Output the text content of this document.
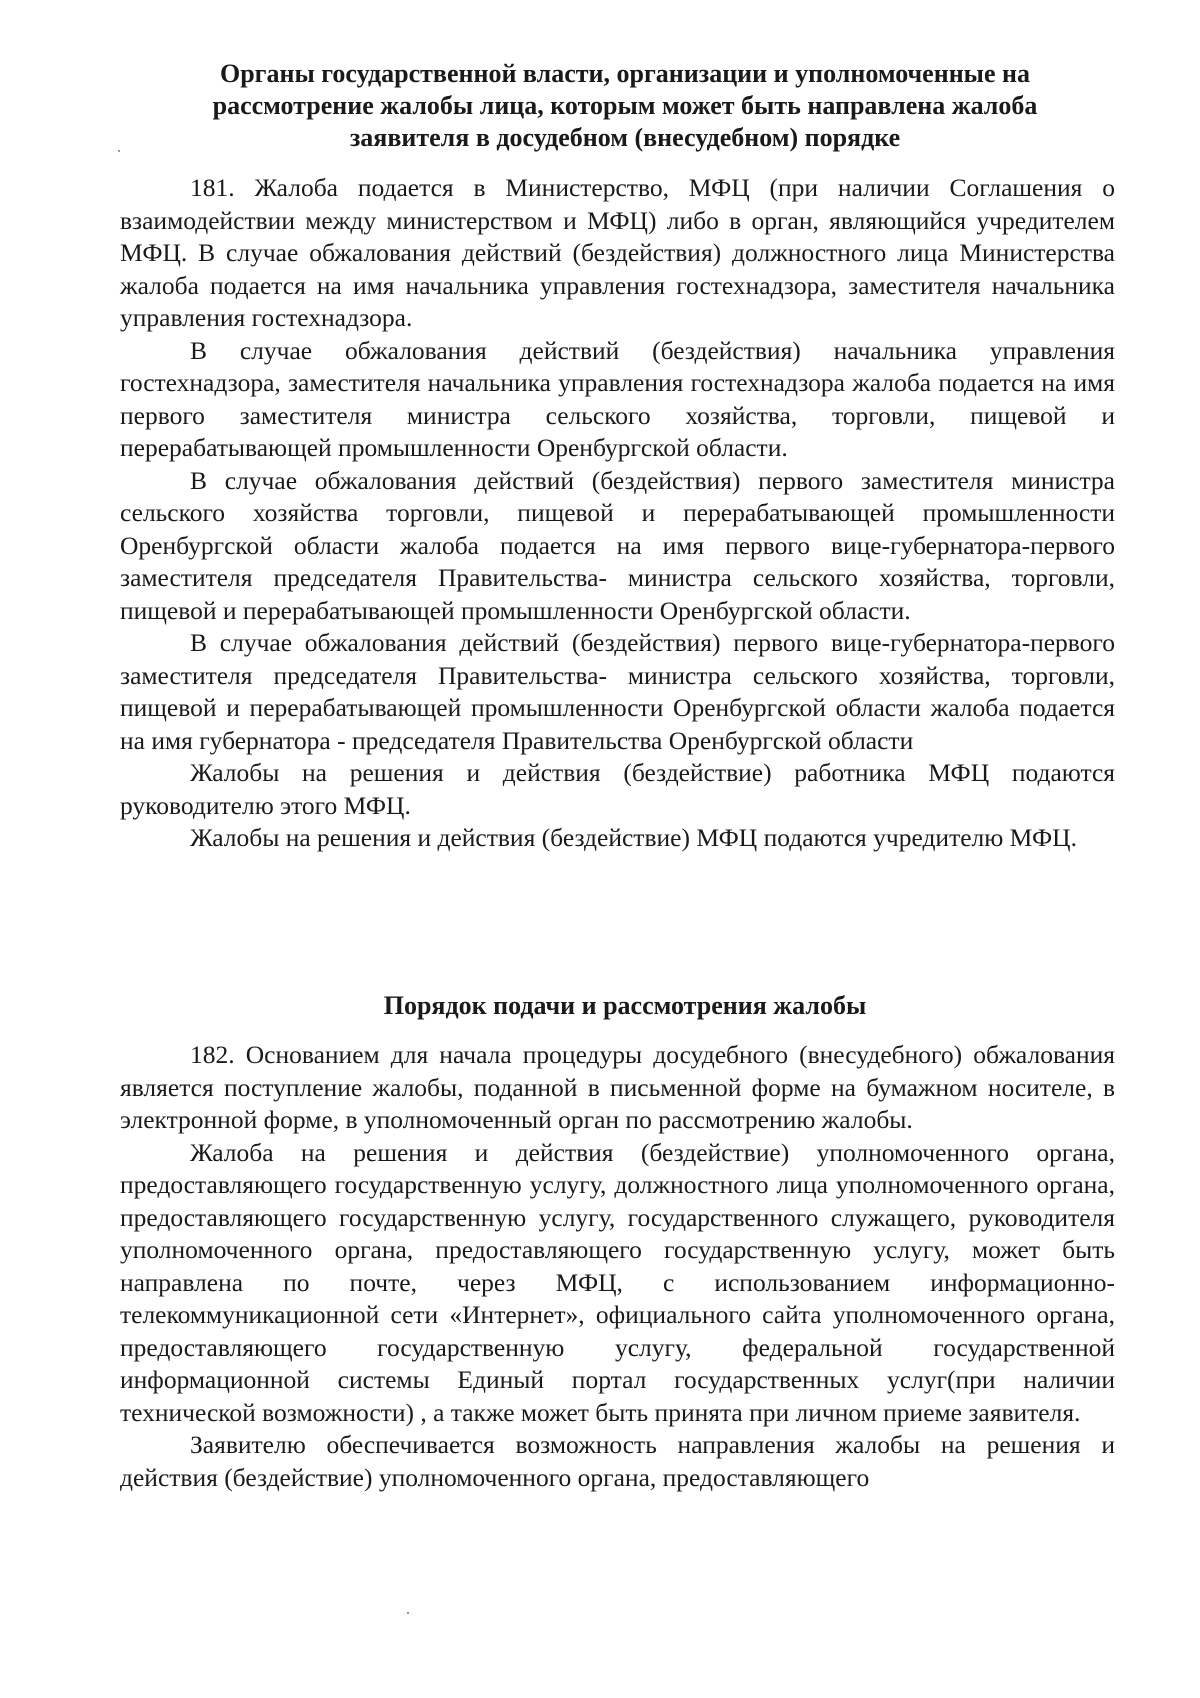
Органы государственной власти, организации и уполномоченные на рассмотрение жалобы лица, которым может быть направлена жалоба заявителя в досудебном (внесудебном) порядке

181. Жалоба подается в Министерство, МФЦ (при наличии Соглашения о взаимодействии между министерством и МФЦ) либо в орган, являющийся учредителем МФЦ. В случае обжалования действий (бездействия) должностного лица Министерства жалоба подается на имя начальника управления гостехнадзора, заместителя начальника управления гостехнадзора.

В случае обжалования действий (бездействия) начальника управления гостехнадзора, заместителя начальника управления гостехнадзора жалоба подается на имя первого заместителя министра сельского хозяйства, торговли, пищевой и перерабатывающей промышленности Оренбургской области.

В случае обжалования действий (бездействия) первого заместителя министра сельского хозяйства торговли, пищевой и перерабатывающей промышленности Оренбургской области жалоба подается на имя первого вице-губернатора-первого заместителя председателя Правительства- министра сельского хозяйства, торговли, пищевой и перерабатывающей промышленности Оренбургской области.

В случае обжалования действий (бездействия) первого вице-губернатора-первого заместителя председателя Правительства- министра сельского хозяйства, торговли, пищевой и перерабатывающей промышленности Оренбургской области жалоба подается на имя губернатора - председателя Правительства Оренбургской области

Жалобы на решения и действия (бездействие) работника МФЦ подаются руководителю этого МФЦ.

Жалобы на решения и действия (бездействие) МФЦ подаются учредителю МФЦ.

Порядок подачи и рассмотрения жалобы

182. Основанием для начала процедуры досудебного (внесудебного) обжалования является поступление жалобы, поданной в письменной форме на бумажном носителе, в электронной форме, в уполномоченный орган по рассмотрению жалобы.

Жалоба на решения и действия (бездействие) уполномоченного органа, предоставляющего государственную услугу, должностного лица уполномоченного органа, предоставляющего государственную услугу, государственного служащего, руководителя уполномоченного органа, предоставляющего государственную услугу, может быть направлена по почте, через МФЦ, с использованием информационно-телекоммуникационной сети «Интернет», официального сайта уполномоченного органа, предоставляющего государственную услугу, федеральной государственной информационной системы Единый портал государственных услуг(при наличии технической возможности) , а также может быть принята при личном приеме заявителя.

Заявителю обеспечивается возможность направления жалобы на решения и действия (бездействие) уполномоченного органа, предоставляющего
